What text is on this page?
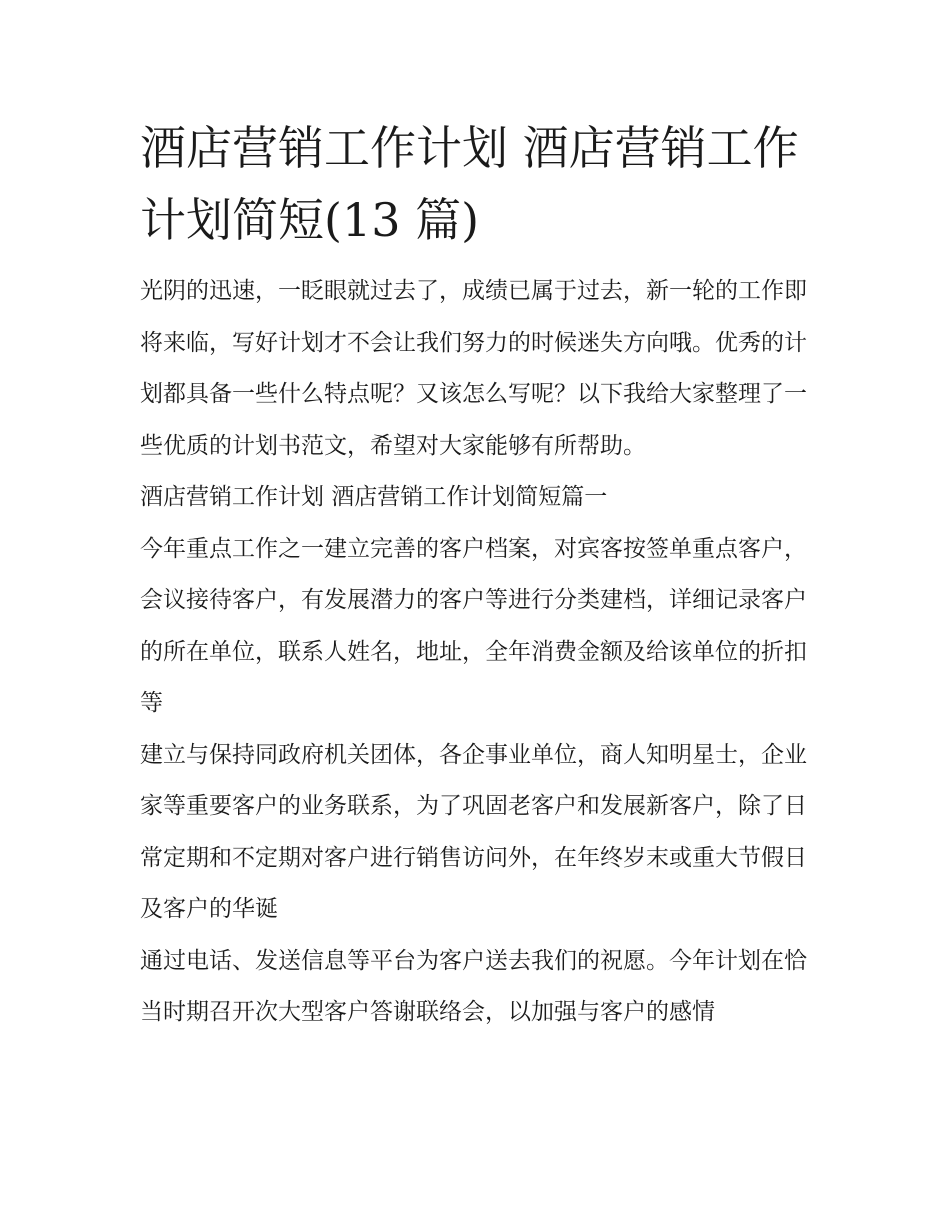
酒店营销工作计划 酒店营销工作计划简短(13 篇)

光阴的迅速，一眨眼就过去了，成绩已属于过去，新一轮的工作即将来临，写好计划才不会让我们努力的时候迷失方向哦。优秀的计划都具备一些什么特点呢？又该怎么写呢？以下我给大家整理了一些优质的计划书范文，希望对大家能够有所帮助。

酒店营销工作计划 酒店营销工作计划简短篇一

今年重点工作之一建立完善的客户档案，对宾客按签单重点客户，会议接待客户，有发展潜力的客户等进行分类建档，详细记录客户的所在单位，联系人姓名，地址，全年消费金额及给该单位的折扣等

建立与保持同政府机关团体，各企事业单位，商人知明星士，企业家等重要客户的业务联系，为了巩固老客户和发展新客户，除了日常定期和不定期对客户进行销售访问外，在年终岁末或重大节假日及客户的华诞

通过电话、发送信息等平台为客户送去我们的祝愿。今年计划在恰当时期召开次大型客户答谢联络会，以加强与客户的感情
